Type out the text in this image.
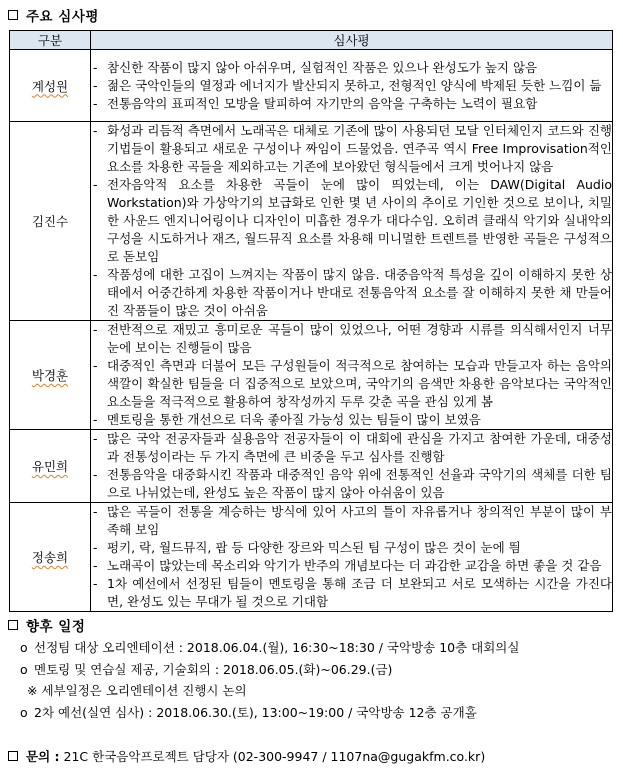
주요 심사평
구분	심사평
계성원	
- 참신한 작품이 많지 않아 아쉬우며, 실험적인 작품은 있으나 완성도가 높지 않음
- 젊은 국악인들의 열정과 에너지가 발산되지 못하고, 전형적인 양식에 박제된 듯한 느낌이 듦
- 전통음악의 표피적인 모방을 탈피하여 자기만의 음악을 구축하는 노력이 필요함

김진수	
- 화성과 리듬적 측면에서 노래곡은 대체로 기존에 많이 사용되던 모달 인터체인지 코드와 진행기법들이 활용되고 새로운 구성이나 짜임이 드물었음. 연주곡 역시 Free Improvisation적인 요소를 차용한 곡들을 제외하고는 기존에 보아왔던 형식들에서 크게 벗어나지 않음
- 전자음악적 요소를 차용한 곡들이 눈에 많이 띄었는데, 이는 DAW(Digital Audio Workstation)와 가상악기의 보급화로 인한 몇 년 사이의 추이로 기인한 것으로 보이나, 치밀한 사운드 엔지니어링이나 디자인이 미흡한 경우가 대다수임. 오히려 클래식 악기와 실내악의 구성을 시도하거나 재즈, 월드뮤직 요소를 차용해 미니멀한 트렌트를 반영한 곡들은 구성적으로 돋보임
- 작품성에 대한 고집이 느껴지는 작품이 많지 않음. 대중음악적 특성을 깊이 이해하지 못한 상태에서 어중간하게 차용한 작품이거나 반대로 전통음악적 요소를 잘 이해하지 못한 채 만들어진 작품들이 많은 것이 아쉬움

박경훈	
- 전반적으로 재밌고 흥미로운 곡들이 많이 있었으나, 어떤 경향과 시류를 의식해서인지 너무 눈에 보이는 진행들이 많음
- 대중적인 측면과 더불어 모든 구성원들이 적극적으로 참여하는 모습과 만들고자 하는 음악의 색깔이 확실한 팀들을 더 집중적으로 보았으며, 국악기의 음색만 차용한 음악보다는 국악적인 요소들을 적극적으로 활용하여 창작성까지 두루 갖춘 곡을 관심 있게 봄
- 멘토링을 통한 개선으로 더욱 좋아질 가능성 있는 팀들이 많이 보였음

유민희	
- 많은 국악 전공자들과 실용음악 전공자들이 이 대회에 관심을 가지고 참여한 가운데, 대중성과 전통성이라는 두 가지 측면에 큰 비중을 두고 심사를 진행함
- 전통음악을 대중화시킨 작품과 대중적인 음악 위에 전통적인 선율과 국악기의 색체를 더한 팀으로 나뉘었는데, 완성도 높은 작품이 많지 않아 아쉬움이 있음

정송희	
- 많은 곡들이 전통을 계승하는 방식에 있어 사고의 틀이 자유롭거나 창의적인 부분이 많이 부족해 보임
- 펑키, 락, 월드뮤직, 팝 등 다양한 장르와 믹스된 팀 구성이 많은 것이 눈에 띔
- 노래곡이 많았는데 목소리와 악기가 반주의 개념보다는 더 과감한 교감을 하면 좋을 것 같음
- 1차 예선에서 선정된 팀들이 멘토링을 통해 조금 더 보완되고 서로 모색하는 시간을 가진다면, 완성도 있는 무대가 될 것으로 기대함
향후 일정
o 선정팀 대상 오리엔테이션 : 2018.06.04.(월), 16:30~18:30 / 국악방송 10층 대회의실
o 멘토링 및 연습실 제공, 기술회의 : 2018.06.05.(화)~06.29.(금)
※ 세부일정은 오리엔테이션 진행시 논의
o 2차 예선(실연 심사) : 2018.06.30.(토), 13:00~19:00 / 국악방송 12층 공개홀
문의 : 21C 한국음악프로젝트 담당자 (02-300-9947 / 1107na@gugakfm.co.kr)
